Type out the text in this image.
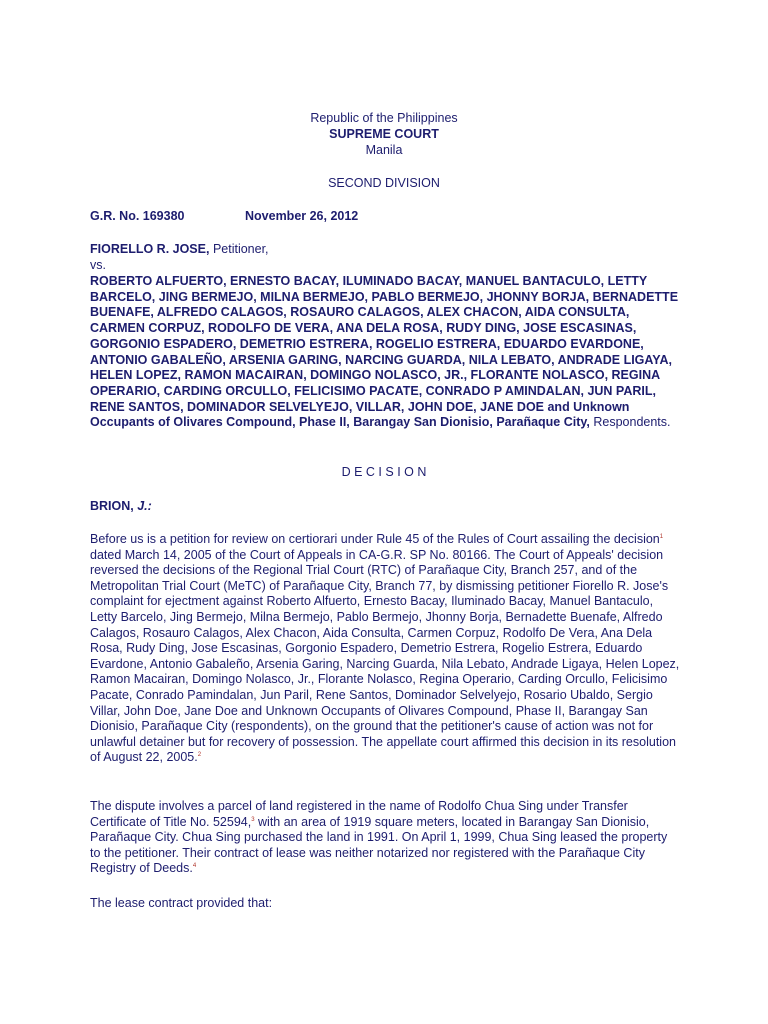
Republic of the Philippines
SUPREME COURT
Manila
SECOND DIVISION
G.R. No. 169380	November 26, 2012
FIORELLO R. JOSE, Petitioner,
vs.
ROBERTO ALFUERTO, ERNESTO BACAY, ILUMINADO BACAY, MANUEL BANTACULO, LETTY BARCELO, JING BERMEJO, MILNA BERMEJO, PABLO BERMEJO, JHONNY BORJA, BERNADETTE BUENAFE, ALFREDO CALAGOS, ROSAURO CALAGOS, ALEX CHACON, AIDA CONSULTA, CARMEN CORPUZ, RODOLFO DE VERA, ANA DELA ROSA, RUDY DING, JOSE ESCASINAS, GORGONIO ESPADERO, DEMETRIO ESTRERA, ROGELIO ESTRERA, EDUARDO EVARDONE, ANTONIO GABALEÑO, ARSENIA GARING, NARCING GUARDA, NILA LEBATO, ANDRADE LIGAYA, HELEN LOPEZ, RAMON MACAIRAN, DOMINGO NOLASCO, JR., FLORANTE NOLASCO, REGINA OPERARIO, CARDING ORCULLO, FELICISIMO PACATE, CONRADO P AMINDALAN, JUN PARIL, RENE SANTOS, DOMINADOR SELVELYEJO, VILLAR, JOHN DOE, JANE DOE and Unknown Occupants of Olivares Compound, Phase II, Barangay San Dionisio, Parañaque City, Respondents.
D E C I S I O N
BRION, J.:
Before us is a petition for review on certiorari under Rule 45 of the Rules of Court assailing the decision$^1$ dated March 14, 2005 of the Court of Appeals in CA-G.R. SP No. 80166. The Court of Appeals' decision reversed the decisions of the Regional Trial Court (RTC) of Parañaque City, Branch 257, and of the Metropolitan Trial Court (MeTC) of Parañaque City, Branch 77, by dismissing petitioner Fiorello R. Jose's complaint for ejectment against Roberto Alfuerto, Ernesto Bacay, Iluminado Bacay, Manuel Bantaculo, Letty Barcelo, Jing Bermejo, Milna Bermejo, Pablo Bermejo, Jhonny Borja, Bernadette Buenafe, Alfredo Calagos, Rosauro Calagos, Alex Chacon, Aida Consulta, Carmen Corpuz, Rodolfo De Vera, Ana Dela Rosa, Rudy Ding, Jose Escasinas, Gorgonio Espadero, Demetrio Estrera, Rogelio Estrera, Eduardo Evardone, Antonio Gabaleño, Arsenia Garing, Narcing Guarda, Nila Lebato, Andrade Ligaya, Helen Lopez, Ramon Macairan, Domingo Nolasco, Jr., Florante Nolasco, Regina Operario, Carding Orcullo, Felicisimo Pacate, Conrado Pamindalan, Jun Paril, Rene Santos, Dominador Selvelyejo, Rosario Ubaldo, Sergio Villar, John Doe, Jane Doe and Unknown Occupants of Olivares Compound, Phase II, Barangay San Dionisio, Parañaque City (respondents), on the ground that the petitioner's cause of action was not for unlawful detainer but for recovery of possession. The appellate court affirmed this decision in its resolution of August 22, 2005.$^2$
The dispute involves a parcel of land registered in the name of Rodolfo Chua Sing under Transfer Certificate of Title No. 52594,$^3$ with an area of 1919 square meters, located in Barangay San Dionisio, Parañaque City. Chua Sing purchased the land in 1991. On April 1, 1999, Chua Sing leased the property to the petitioner. Their contract of lease was neither notarized nor registered with the Parañaque City Registry of Deeds.$^4$
The lease contract provided that:
